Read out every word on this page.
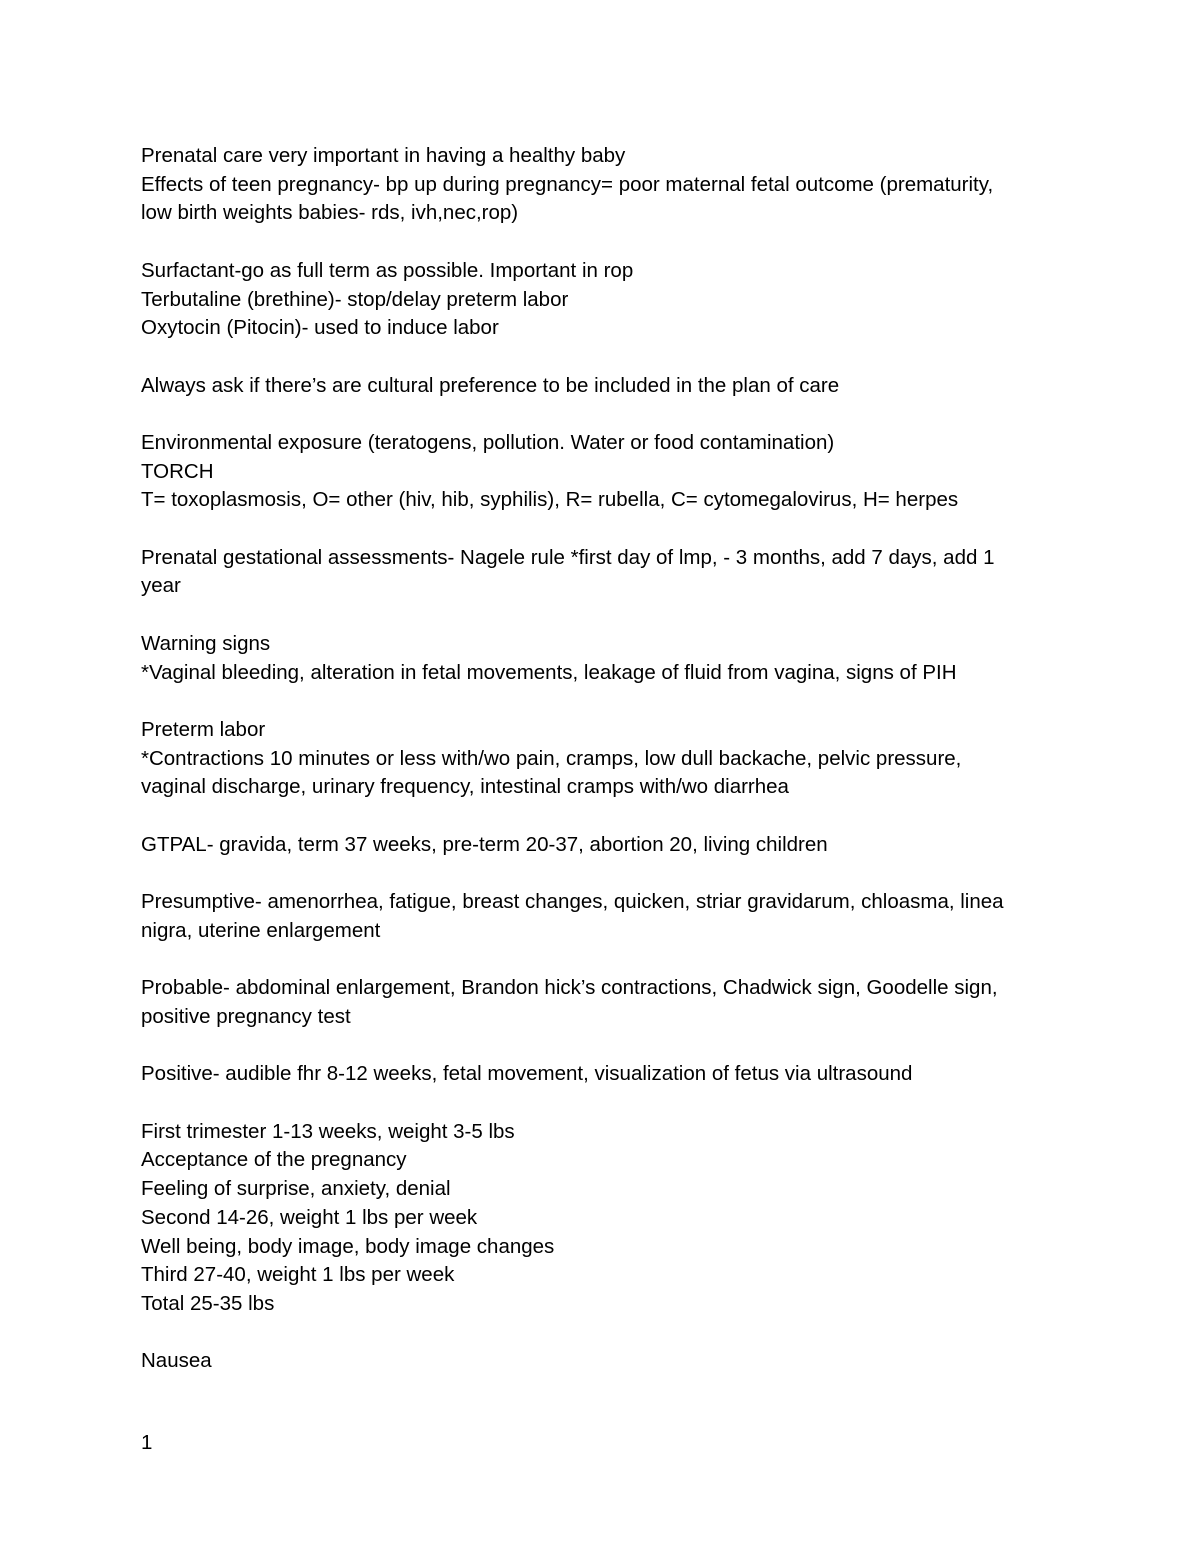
Prenatal care very important in having a healthy baby

Effects of teen pregnancy- bp up during pregnancy= poor maternal fetal outcome (prematurity,

low birth weights babies- rds, ivh,nec,rop)

Surfactant-go as full term as possible. Important in rop

Terbutaline (brethine)- stop/delay preterm labor

Oxytocin (Pitocin)- used to induce labor

Always ask if there’s are cultural preference to be included in the plan of care

Environmental exposure (teratogens, pollution. Water or food contamination)

TORCH

T= toxoplasmosis, O= other (hiv, hib, syphilis), R= rubella, C= cytomegalovirus, H= herpes

Prenatal gestational assessments- Nagele rule *first day of lmp, - 3 months, add 7 days, add 1

year

Warning signs

*Vaginal bleeding, alteration in fetal movements, leakage of fluid from vagina, signs of PIH

Preterm labor

*Contractions 10 minutes or less with/wo pain, cramps, low dull backache, pelvic pressure,

vaginal discharge, urinary frequency, intestinal cramps with/wo diarrhea

GTPAL- gravida, term 37 weeks, pre-term 20-37, abortion 20, living children

Presumptive- amenorrhea, fatigue, breast changes, quicken, striar gravidarum, chloasma, linea

nigra, uterine enlargement

Probable- abdominal enlargement, Brandon hick’s contractions, Chadwick sign, Goodelle sign,

positive pregnancy test

Positive- audible fhr 8-12 weeks, fetal movement, visualization of fetus via ultrasound

First trimester 1-13 weeks, weight 3-5 lbs

Acceptance of the pregnancy

Feeling of surprise, anxiety, denial

Second 14-26, weight 1 lbs per week

Well being, body image, body image changes

Third 27-40, weight 1 lbs per week

Total 25-35 lbs

Nausea

1
